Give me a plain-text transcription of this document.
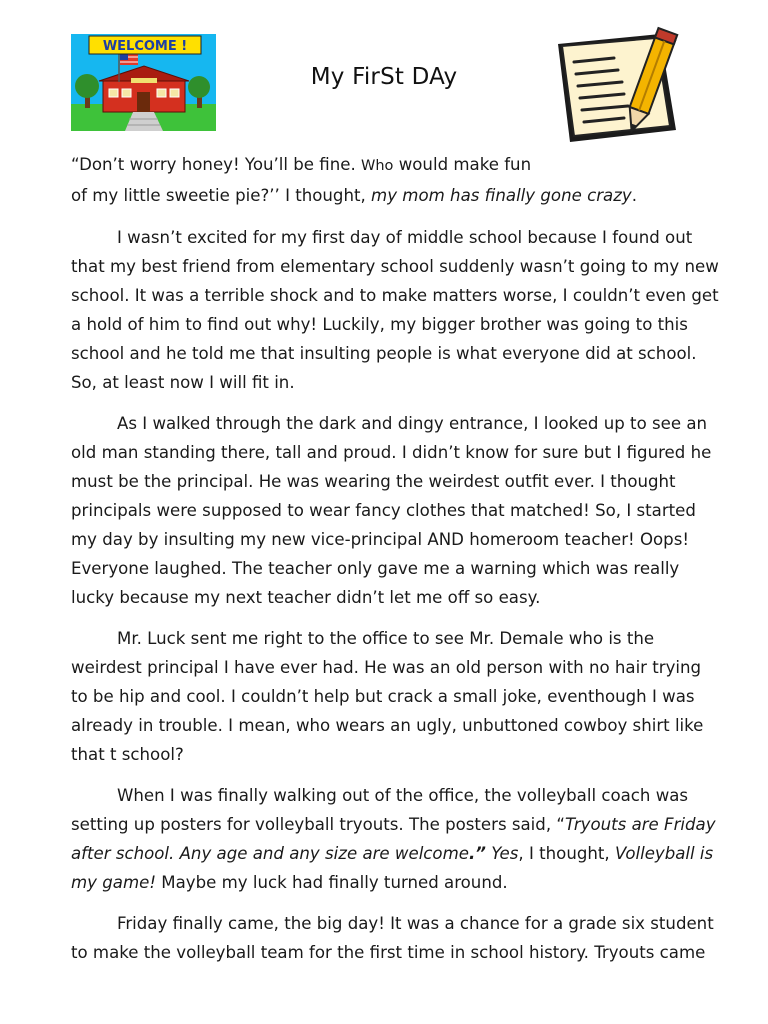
WELCOME !
My FirSt DAy

“Don’t worry honey! You’ll be fine. Who would make fun
of my little sweetie pie?’’ I thought, my mom has finally gone crazy.

I wasn’t excited for my first day of middle school because I found out that my best friend from elementary school suddenly wasn’t going to my new school. It was a terrible shock and to make matters worse, I couldn’t even get a hold of him to find out why! Luckily, my bigger brother was going to this school and he told me that insulting people is what everyone did at school. So, at least now I will fit in.

As I walked through the dark and dingy entrance, I looked up to see an old man standing there, tall and proud. I didn’t know for sure but I figured he must be the principal. He was wearing the weirdest outfit ever. I thought principals were supposed to wear fancy clothes that matched! So, I started my day by insulting my new vice-principal AND homeroom teacher! Oops! Everyone laughed. The teacher only gave me a warning which was really lucky because my next teacher didn’t let me off so easy.

Mr. Luck sent me right to the office to see Mr. Demale who is the weirdest principal I have ever had. He was an old person with no hair trying to be hip and cool. I couldn’t help but crack a small joke, eventhough I was already in trouble. I mean, who wears an ugly, unbuttoned cowboy shirt like that t school?

When I was finally walking out of the office, the volleyball coach was setting up posters for volleyball tryouts. The posters said, “Tryouts are Friday after school. Any age and any size are welcome.” Yes, I thought, Volleyball is my game! Maybe my luck had finally turned around.

Friday finally came, the big day! It was a chance for a grade six student to make the volleyball team for the first time in school history. Tryouts came
